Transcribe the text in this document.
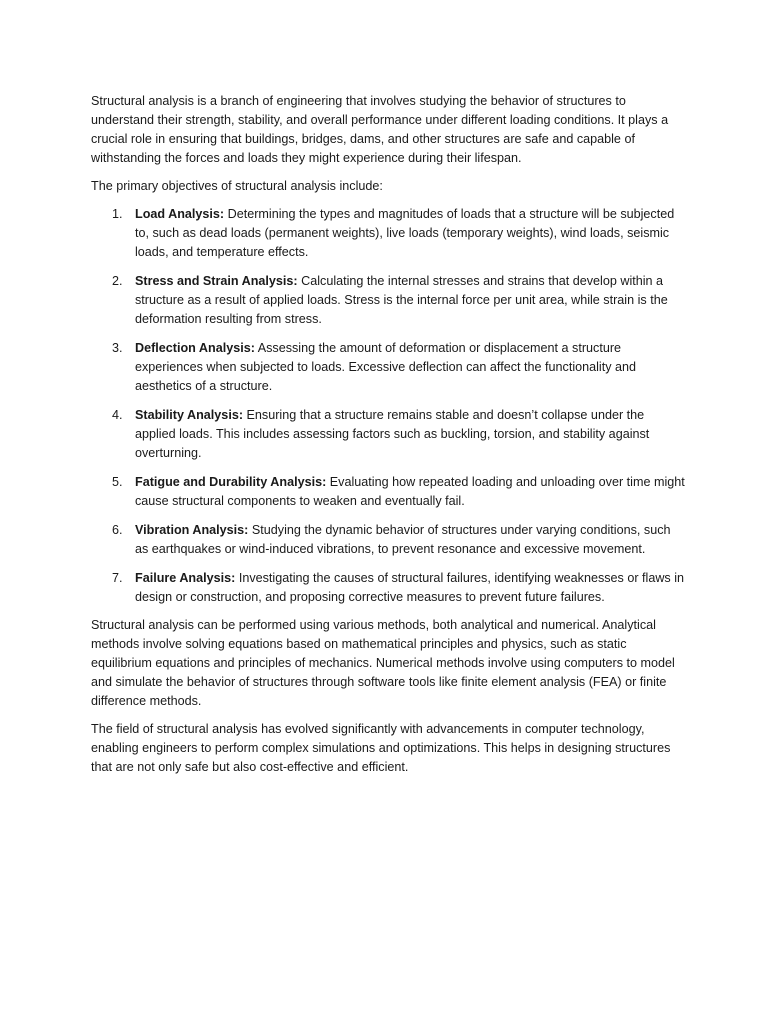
Structural analysis is a branch of engineering that involves studying the behavior of structures to understand their strength, stability, and overall performance under different loading conditions. It plays a crucial role in ensuring that buildings, bridges, dams, and other structures are safe and capable of withstanding the forces and loads they might experience during their lifespan.

The primary objectives of structural analysis include:

1. Load Analysis: Determining the types and magnitudes of loads that a structure will be subjected to, such as dead loads (permanent weights), live loads (temporary weights), wind loads, seismic loads, and temperature effects.
2. Stress and Strain Analysis: Calculating the internal stresses and strains that develop within a structure as a result of applied loads. Stress is the internal force per unit area, while strain is the deformation resulting from stress.
3. Deflection Analysis: Assessing the amount of deformation or displacement a structure experiences when subjected to loads. Excessive deflection can affect the functionality and aesthetics of a structure.
4. Stability Analysis: Ensuring that a structure remains stable and doesn’t collapse under the applied loads. This includes assessing factors such as buckling, torsion, and stability against overturning.
5. Fatigue and Durability Analysis: Evaluating how repeated loading and unloading over time might cause structural components to weaken and eventually fail.
6. Vibration Analysis: Studying the dynamic behavior of structures under varying conditions, such as earthquakes or wind-induced vibrations, to prevent resonance and excessive movement.
7. Failure Analysis: Investigating the causes of structural failures, identifying weaknesses or flaws in design or construction, and proposing corrective measures to prevent future failures.

Structural analysis can be performed using various methods, both analytical and numerical. Analytical methods involve solving equations based on mathematical principles and physics, such as static equilibrium equations and principles of mechanics. Numerical methods involve using computers to model and simulate the behavior of structures through software tools like finite element analysis (FEA) or finite difference methods.

The field of structural analysis has evolved significantly with advancements in computer technology, enabling engineers to perform complex simulations and optimizations. This helps in designing structures that are not only safe but also cost-effective and efficient.
